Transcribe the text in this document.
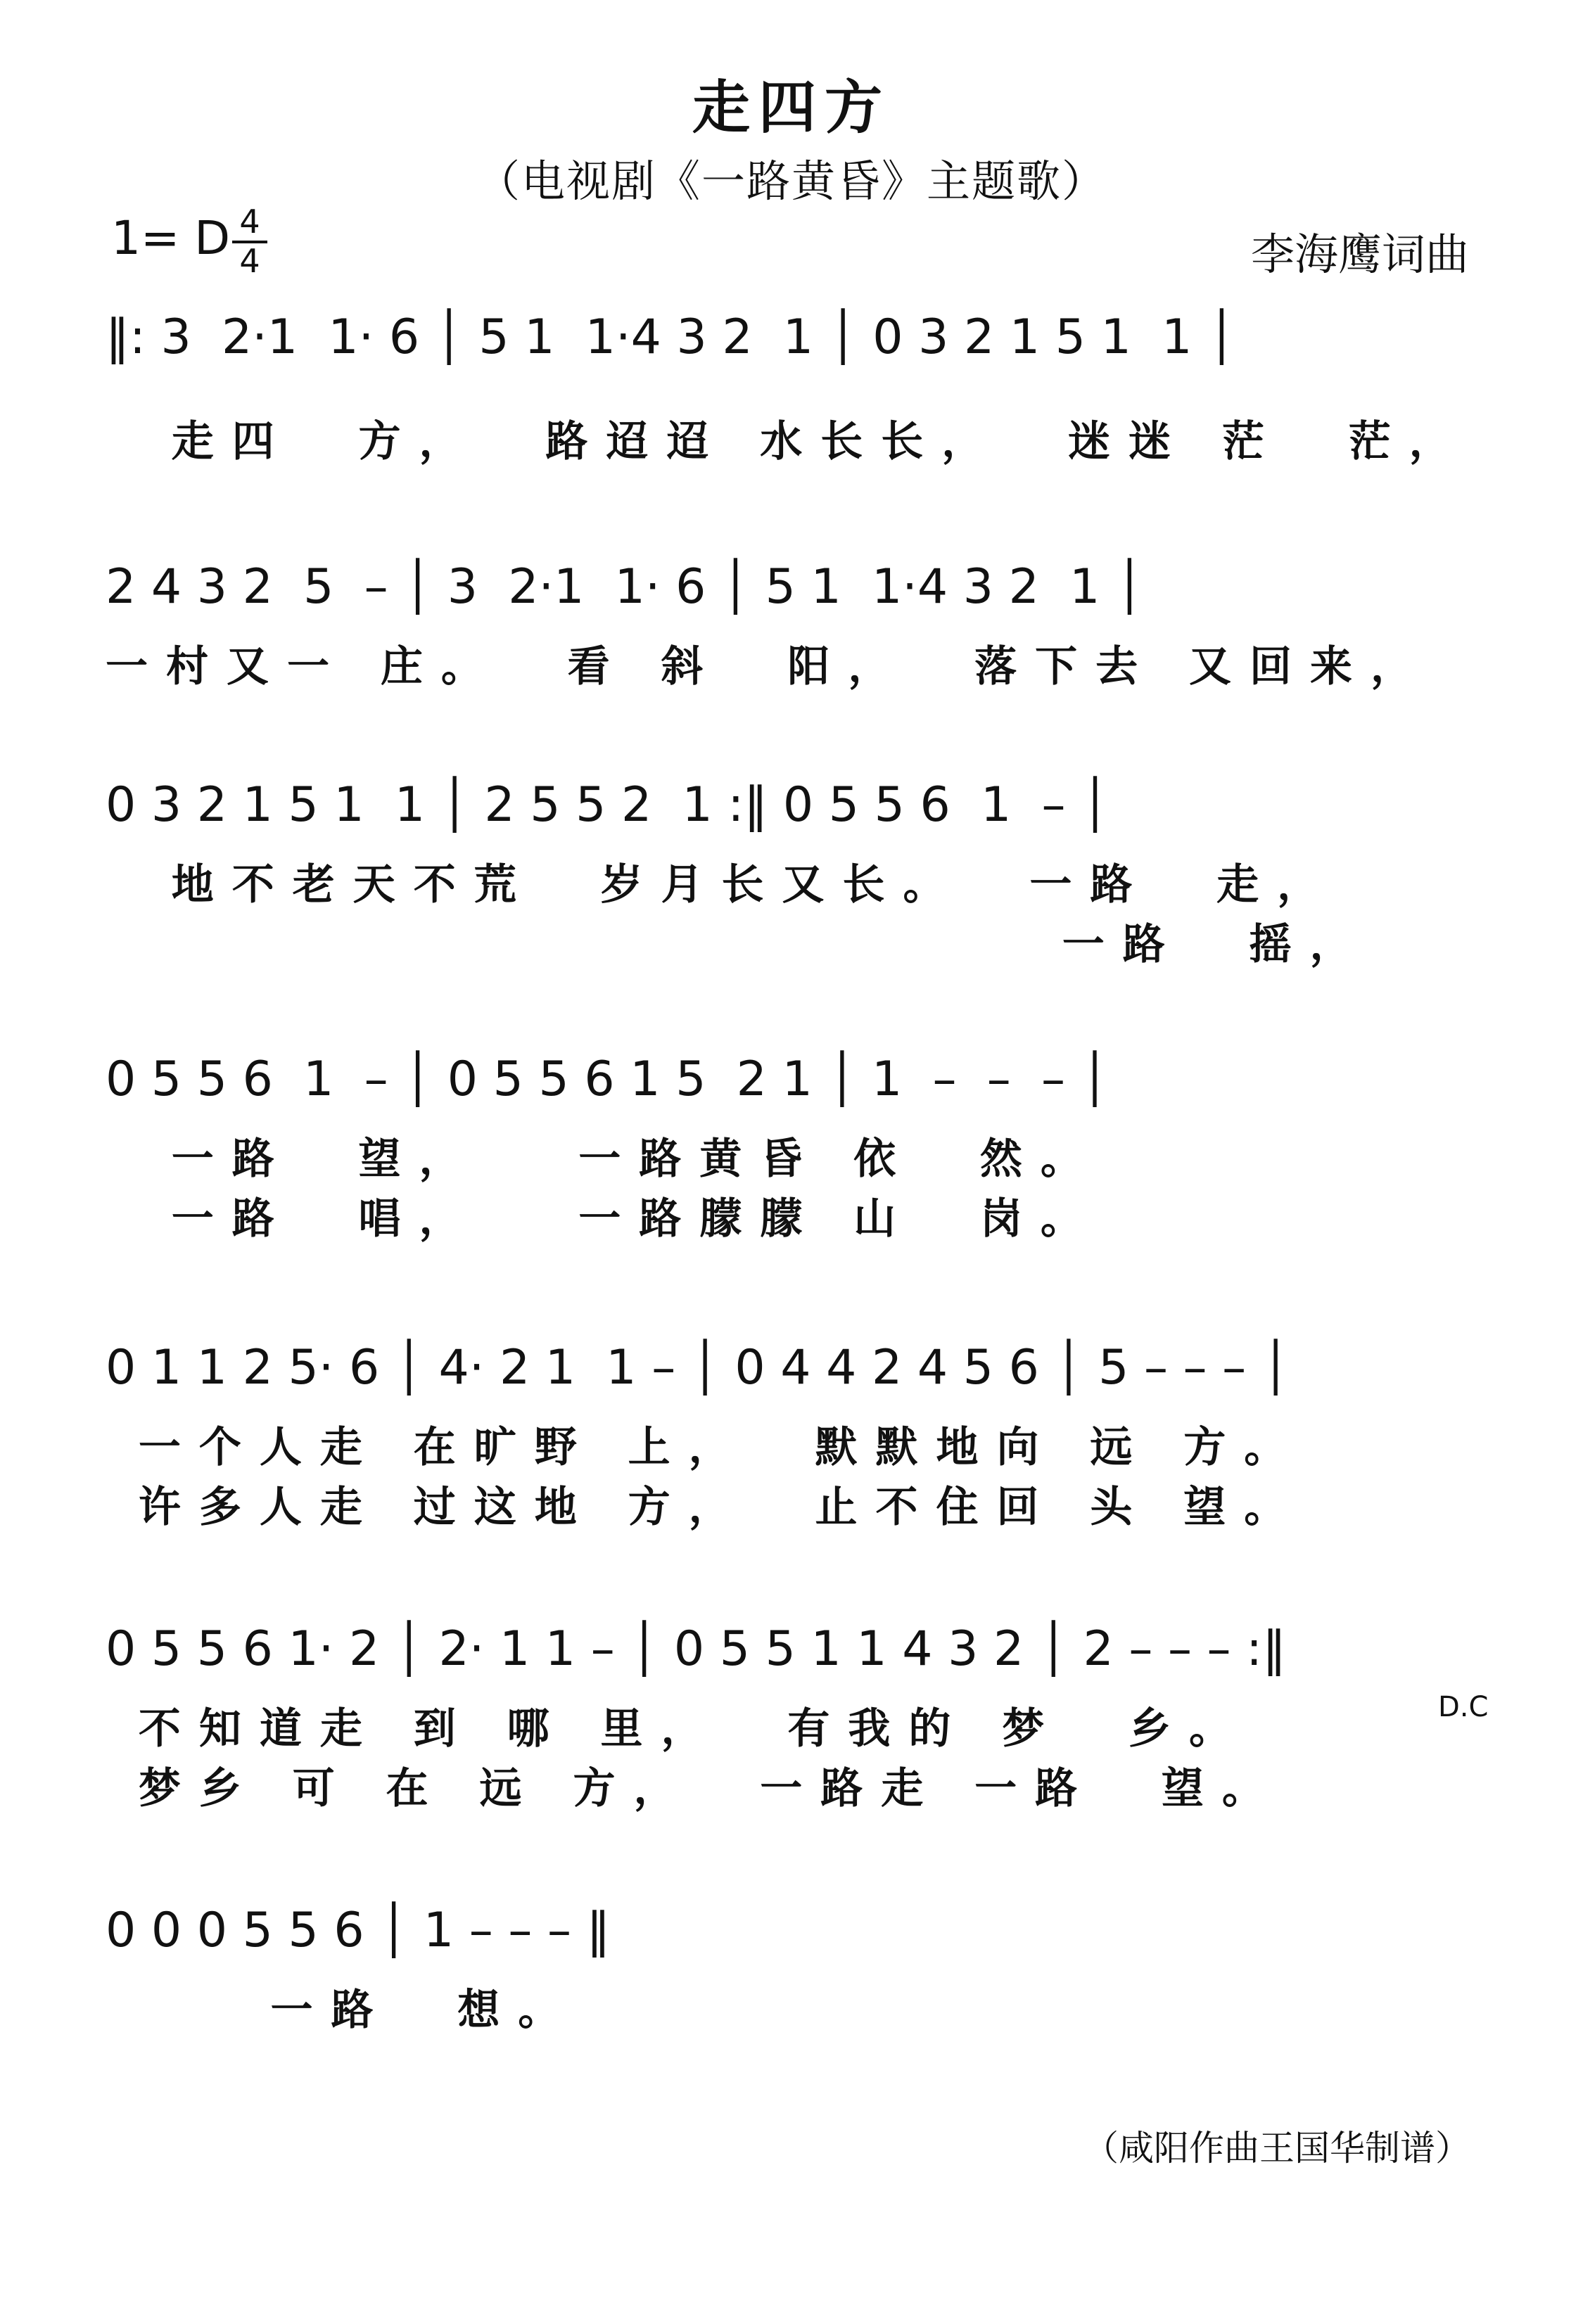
走四方
（电视剧《一路黄昏》主题歌）
1= D 4
4	李海鹰词曲
‖: 3  2·1  1· 6 │ 5 1  1·4 3 2  1 │ 0 3 2 1 5 1  1 │
走四  方，  路迢迢 水长长，  迷迷 茫  茫，
2 4 3 2  5  – │ 3  2·1  1· 6 │ 5 1  1·4 3 2  1 │
一村又一 庄。  看 斜  阳，  落下去 又回来，
0 3 2 1 5 1  1 │ 2 5 5 2  1 :‖ 0 5 5 6  1  – │
地不老天不荒  岁月长又长。  一路  走，
一路  摇，
0 5 5 6  1  – │ 0 5 5 6 1 5  2 1 │ 1  –  –  – │
一路  望，   一路黄昏 依  然。
一路  唱，   一路朦朦 山  岗。
0 1 1 2 5· 6 │ 4· 2 1  1 – │ 0 4 4 2 4 5 6 │ 5 – – – │
一个人走 在旷野 上，  默默地向 远 方。
许多人走 过这地 方，  止不住回 头 望。
0 5 5 6 1· 2 │ 2· 1 1 – │ 0 5 5 1 1 4 3 2 │ 2 – – – :‖
不知道走 到 哪 里，  有我的 梦  乡。
梦乡 可 在 远 方，  一路走 一路  望。
D.C
0 0 0 5 5 6 │ 1 – – – ‖
一路  想。
（咸阳作曲王国华制谱）
